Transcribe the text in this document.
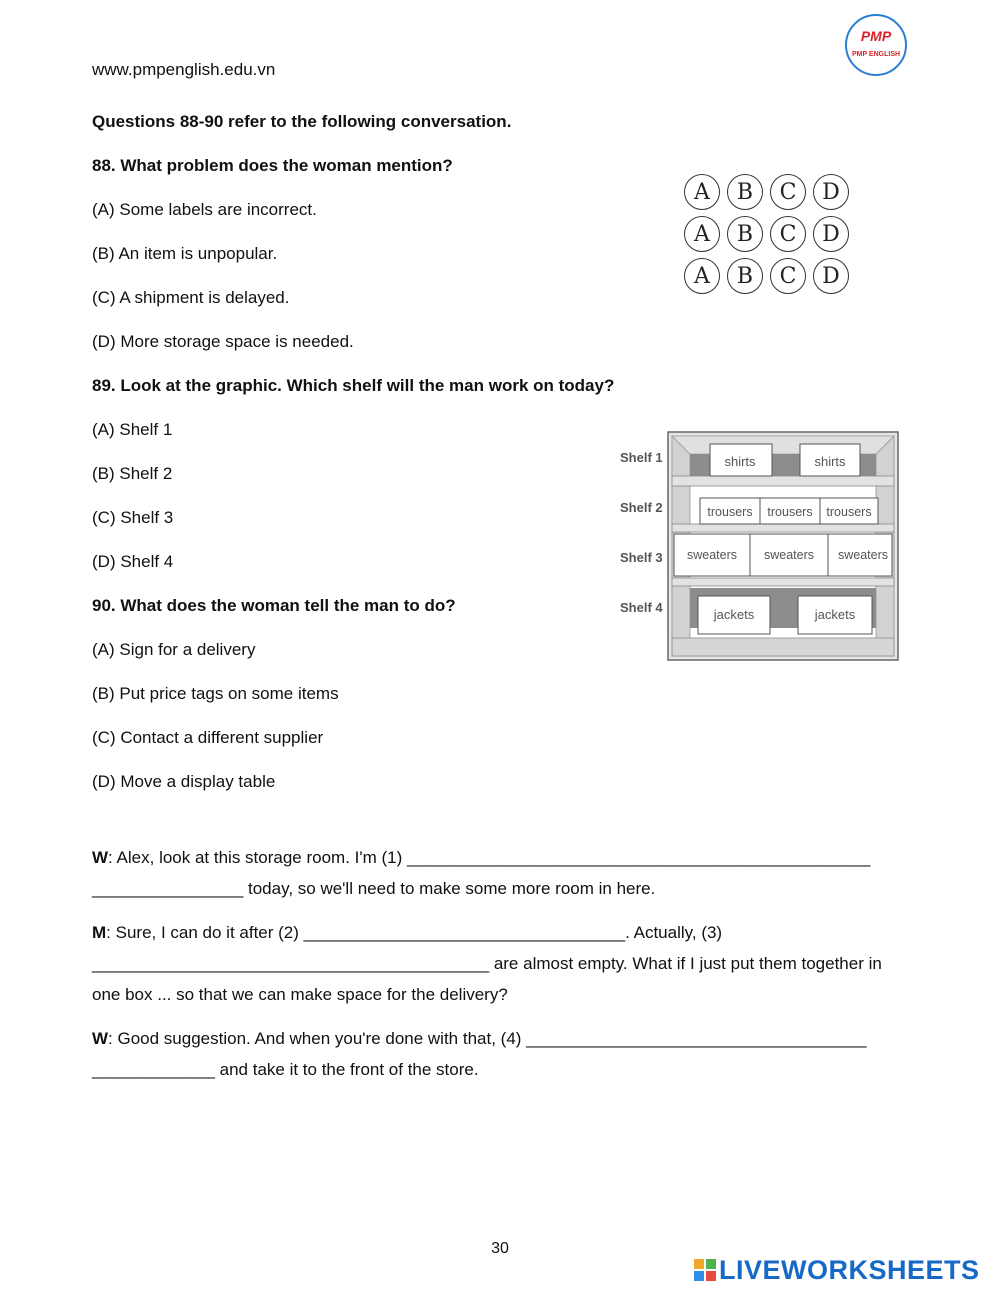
www.pmpenglish.edu.vn
PMP
PMP ENGLISH
Questions 88-90 refer to the following conversation.
88. What problem does the woman mention?
(A) Some labels are incorrect.
(B) An item is unpopular.
(C) A shipment is delayed.
(D) More storage space is needed.
A	B	C	D
A	B	C	D
A	B	C	D
89. Look at the graphic. Which shelf will the man work on today?
(A) Shelf 1
(B) Shelf 2
(C) Shelf 3
(D) Shelf 4
Shelf 1
Shelf 2
Shelf 3
Shelf 4
shirts	shirts
trousers trousers trousers
sweaters sweaters sweaters
jackets	jackets
90. What does the woman tell the man to do?
(A) Sign for a delivery
(B) Put price tags on some items
(C) Contact a different supplier
(D) Move a display table

W: Alex, look at this storage room. I'm (1) _________________________________________________ ________________ today, so we'll need to make some more room in here.

M: Sure, I can do it after (2) __________________________________. Actually, (3) __________________________________________ are almost empty. What if I just put them together in one box ... so that we can make space for the delivery?

W: Good suggestion. And when you're done with that, (4) ____________________________________ _____________ and take it to the front of the store.

30
LIVEWORKSHEETS
